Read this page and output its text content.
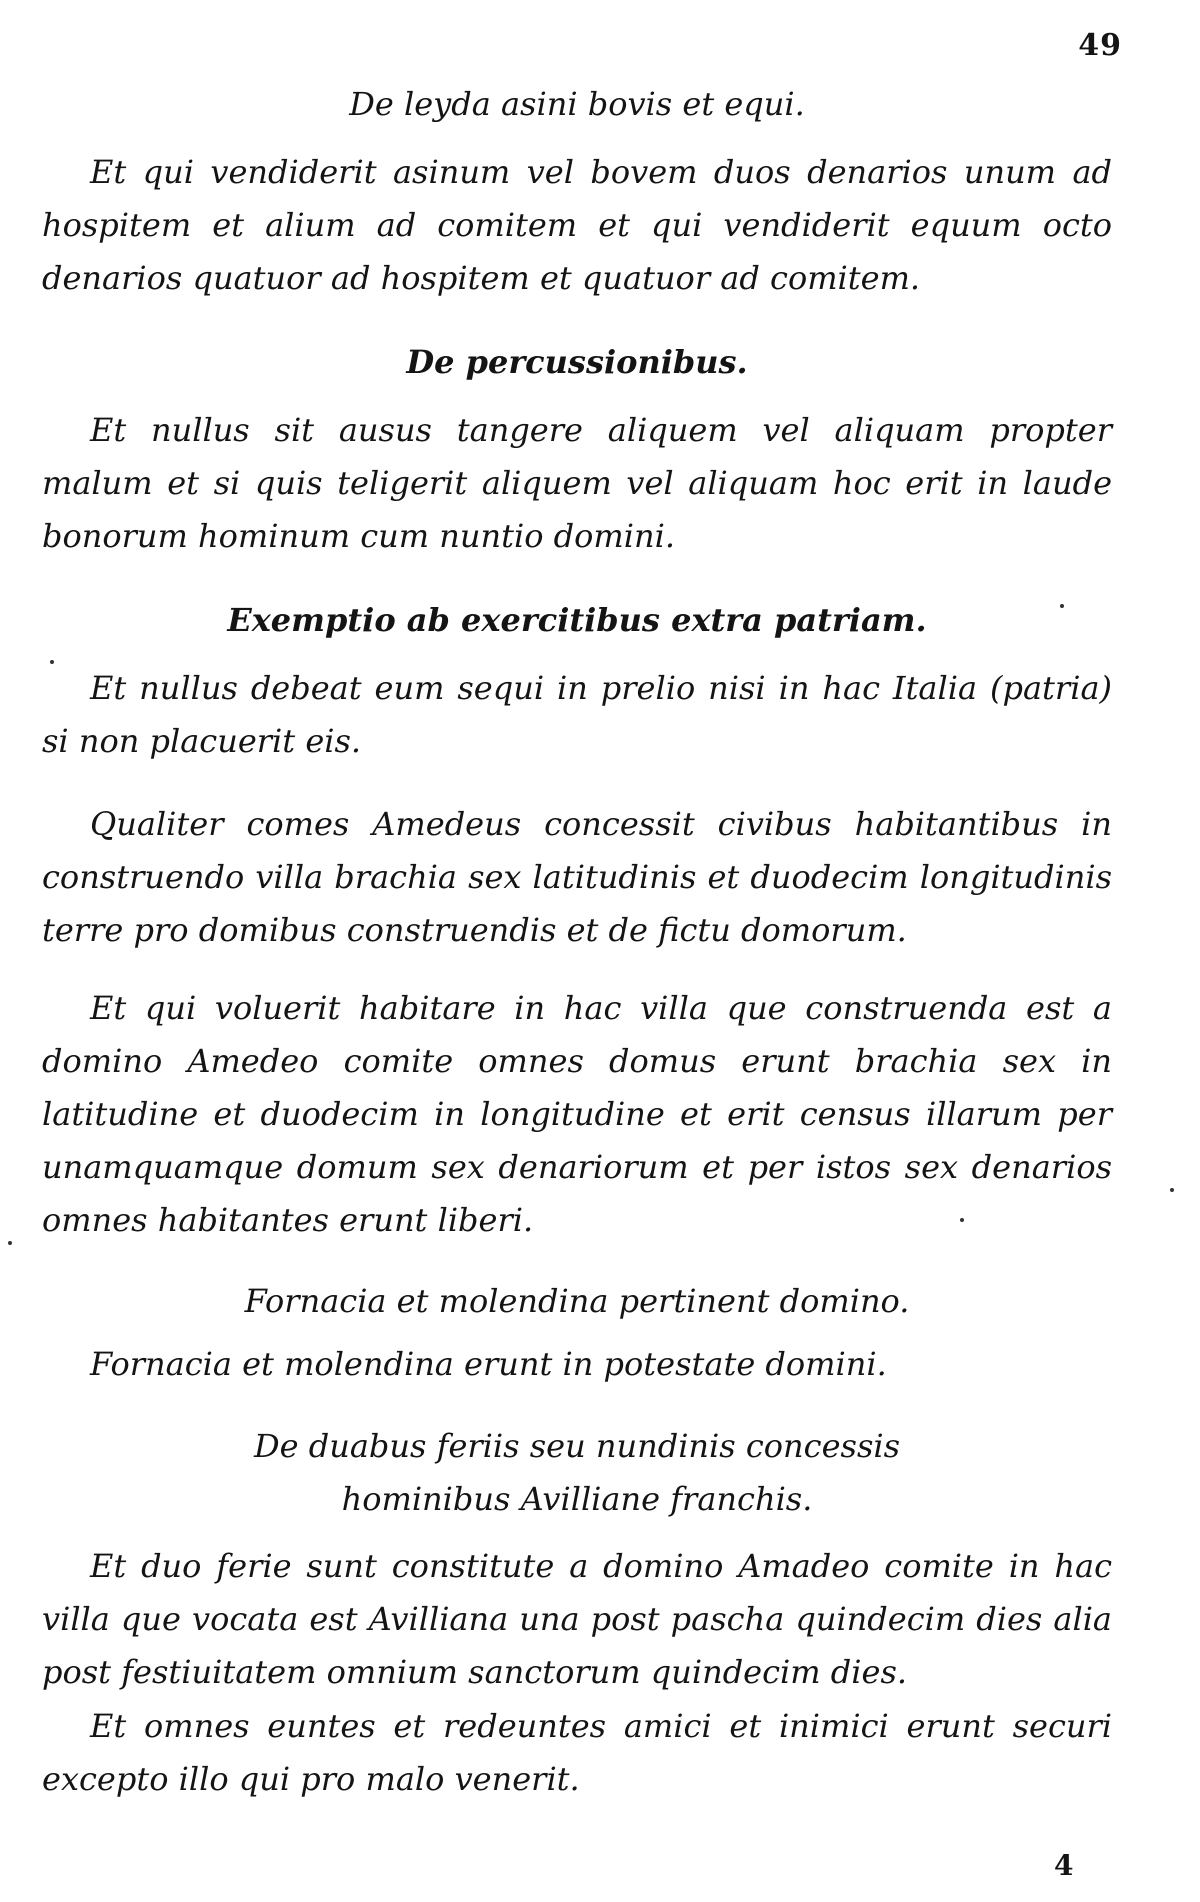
49
De leyda asini bovis et equi.
Et qui vendiderit asinum vel bovem duos denarios unum ad hospitem et alium ad comitem et qui vendiderit equum octo denarios quatuor ad hospitem et quatuor ad comitem.
De percussionibus.
Et nullus sit ausus tangere aliquem vel aliquam propter malum et si quis teligerit aliquem vel aliquam hoc erit in laude bonorum hominum cum nuntio domini.
Exemptio ab exercitibus extra patriam.
Et nullus debeat eum sequi in prelio nisi in hac Italia (patria) si non placuerit eis.
Qualiter comes Amedeus concessit civibus habitantibus in construendo villa brachia sex latitudinis et duodecim longitudinis terre pro domibus construendis et de fictu domorum.
Et qui voluerit habitare in hac villa que construenda est a domino Amedeo comite omnes domus erunt brachia sex in latitudine et duodecim in longitudine et erit census illarum per unamquamque domum sex denariorum et per istos sex denarios omnes habitantes erunt liberi.
Fornacia et molendina pertinent domino.
Fornacia et molendina erunt in potestate domini.
De duabus feriis seu nundinis concessis
hominibus Avilliane franchis.
Et duo ferie sunt constitute a domino Amadeo comite in hac villa que vocata est Avilliana una post pascha quindecim dies alia post festiuitatem omnium sanctorum quindecim dies.
Et omnes euntes et redeuntes amici et inimici erunt securi excepto illo qui pro malo venerit.
4
